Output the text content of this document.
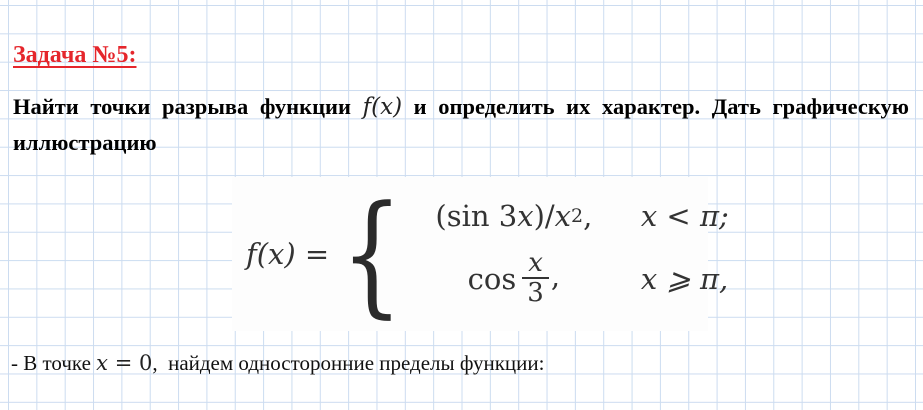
Задача №5:

Найти точки разрыва функции f(x) и определить их характер. Дать графическую
иллюстрацию

f(x) = { (sin 3 x )/ x 2 , x < π;
$\cos \frac{x}{3}$ ,	x ⩾ π,

- В точке x = 0,  найдем односторонние пределы функции:
